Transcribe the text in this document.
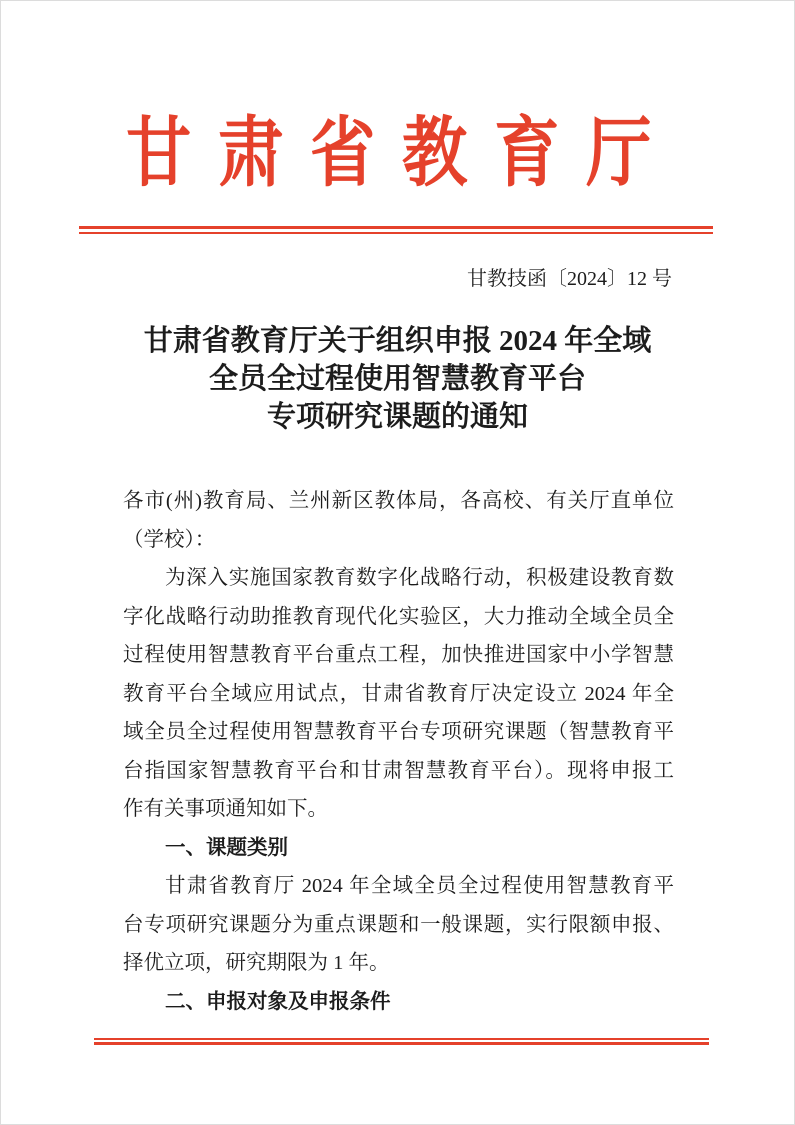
甘肃省教育厅
甘教技函〔2024〕12 号
甘肃省教育厅关于组织申报 2024 年全域
全员全过程使用智慧教育平台
专项研究课题的通知
各市(州)教育局、兰州新区教体局，各高校、有关厅直单位
（学校）：
为深入实施国家教育数字化战略行动，积极建设教育数
字化战略行动助推教育现代化实验区，大力推动全域全员全
过程使用智慧教育平台重点工程，加快推进国家中小学智慧
教育平台全域应用试点，甘肃省教育厅决定设立 2024 年全
域全员全过程使用智慧教育平台专项研究课题（智慧教育平
台指国家智慧教育平台和甘肃智慧教育平台）。现将申报工
作有关事项通知如下。
一、课题类别
甘肃省教育厅 2024 年全域全员全过程使用智慧教育平
台专项研究课题分为重点课题和一般课题，实行限额申报、
择优立项，研究期限为 1 年。
二、申报对象及申报条件
